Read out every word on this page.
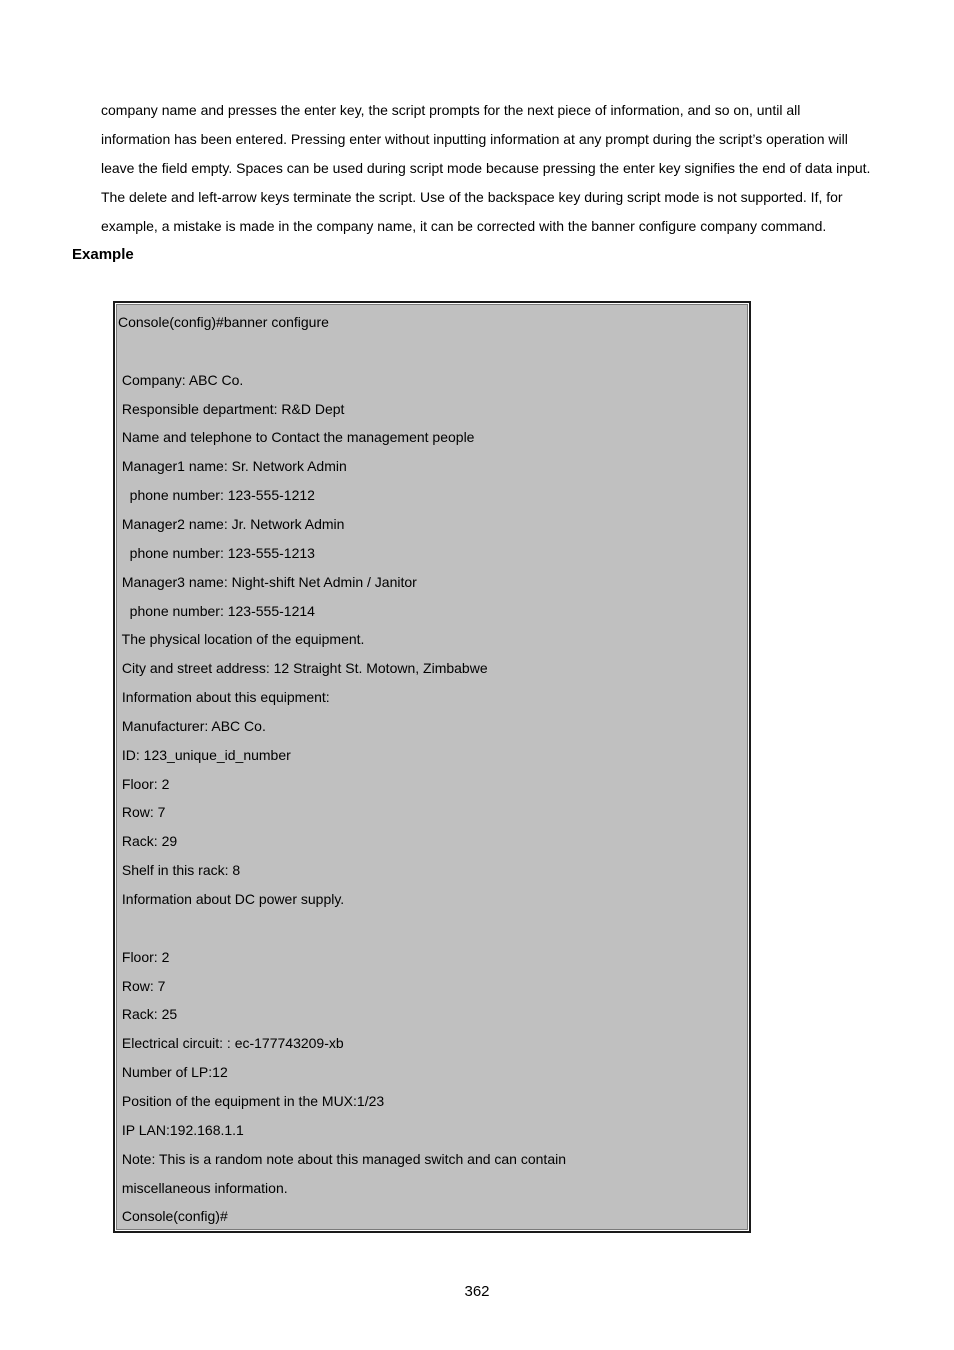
company name and presses the enter key, the script prompts for the next piece of information, and so on, until all
information has been entered. Pressing enter without inputting information at any prompt during the script’s operation will
leave the field empty. Spaces can be used during script mode because pressing the enter key signifies the end of data input.
The delete and left-arrow keys terminate the script. Use of the backspace key during script mode is not supported. If, for
example, a mistake is made in the company name, it can be corrected with the banner configure company command.
Example
Console(config)#banner configure
Company: ABC Co.
Responsible department: R&D Dept
Name and telephone to Contact the management people
Manager1 name: Sr. Network Admin
phone number: 123-555-1212
Manager2 name: Jr. Network Admin
phone number: 123-555-1213
Manager3 name: Night-shift Net Admin / Janitor
phone number: 123-555-1214
The physical location of the equipment.
City and street address: 12 Straight St. Motown, Zimbabwe
Information about this equipment:
Manufacturer: ABC Co.
ID: 123_unique_id_number
Floor: 2
Row: 7
Rack: 29
Shelf in this rack: 8
Information about DC power supply.
Floor: 2
Row: 7
Rack: 25
Electrical circuit: : ec-177743209-xb
Number of LP:12
Position of the equipment in the MUX:1/23
IP LAN:192.168.1.1
Note: This is a random note about this managed switch and can contain
miscellaneous information.
Console(config)#
362
